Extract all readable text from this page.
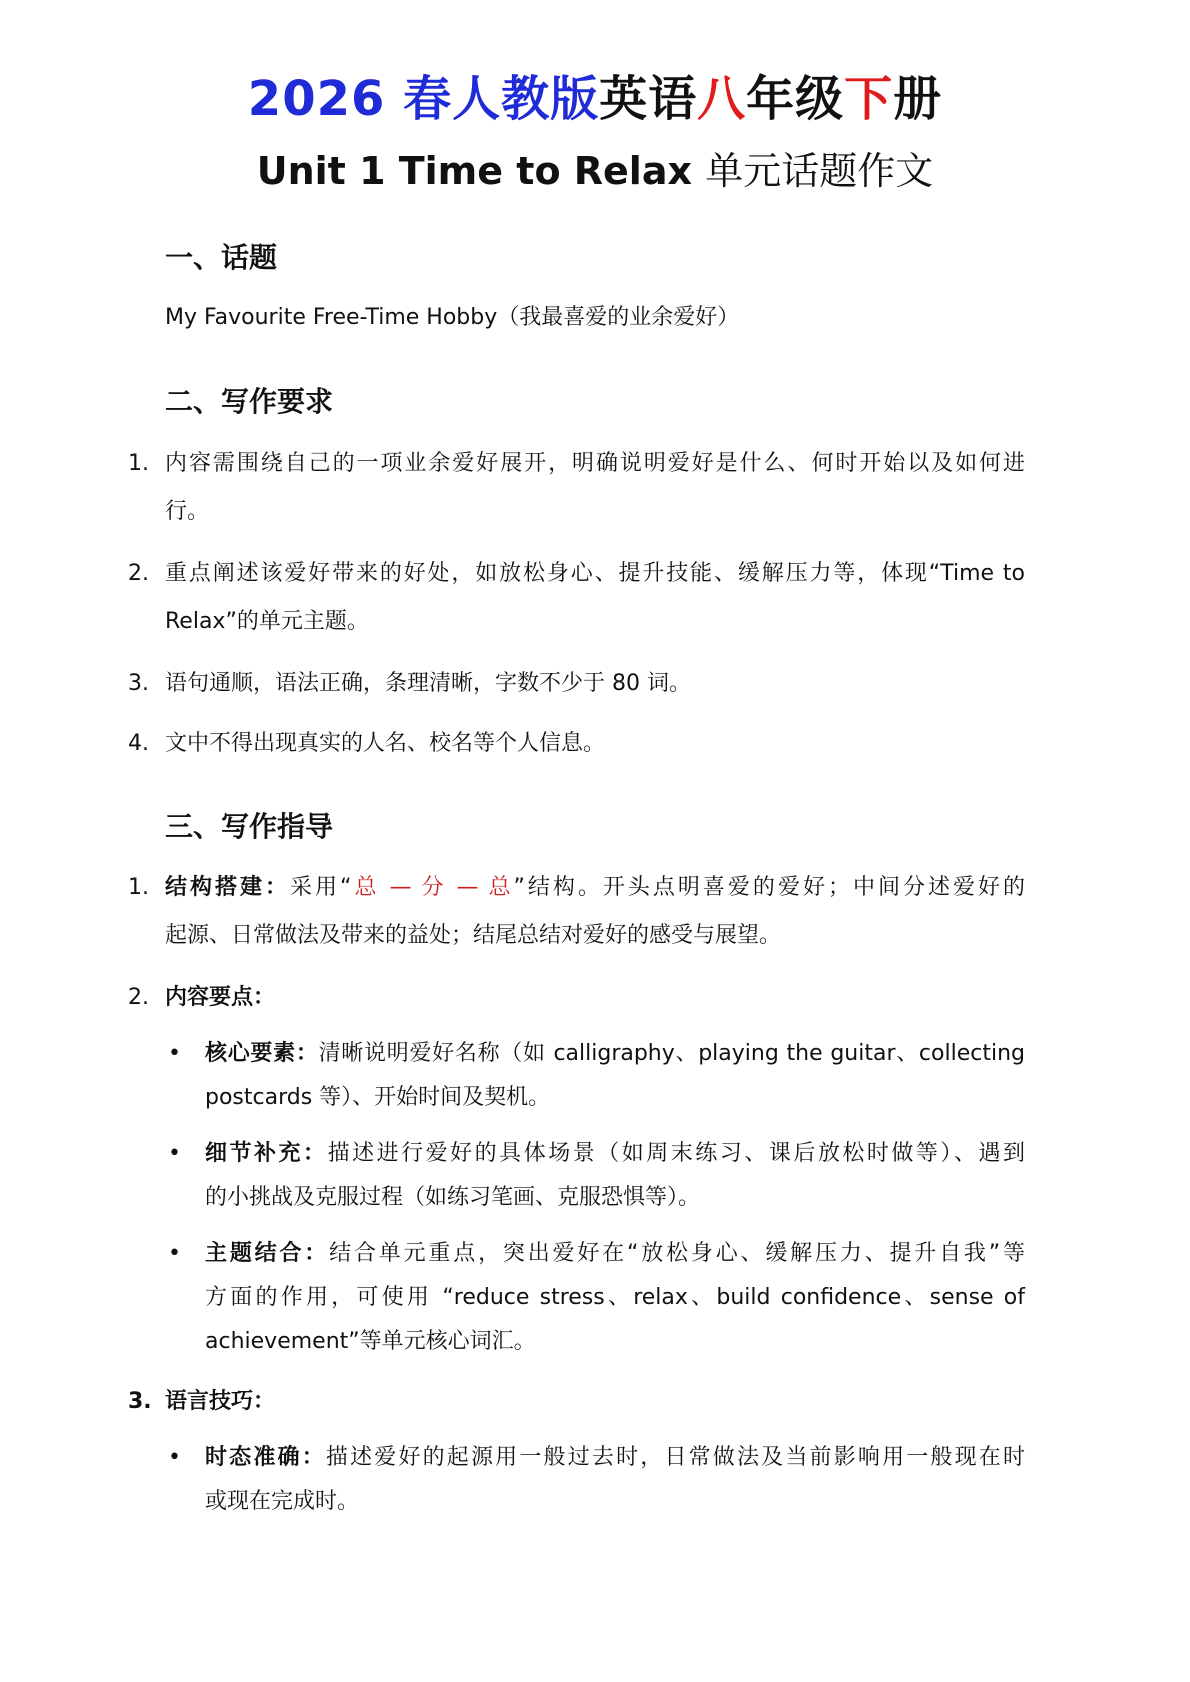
2026 春人教版英语八年级下册
Unit 1 Time to Relax 单元话题作文
一、话题
My Favourite Free-Time Hobby（我最喜爱的业余爱好）
二、写作要求
1. 内容需围绕自己的一项业余爱好展开，明确说明爱好是什么、何时开始以及如何进
行。
2. 重点阐述该爱好带来的好处，如放松身心、提升技能、缓解压力等，体现“Time to
Relax”的单元主题。
3. 语句通顺，语法正确，条理清晰，字数不少于 80 词。
4. 文中不得出现真实的人名、校名等个人信息。
三、写作指导
1. 结构搭建：采用“总 — 分 — 总”结构。开头点明喜爱的爱好；中间分述爱好的
起源、日常做法及带来的益处；结尾总结对爱好的感受与展望。
2. 内容要点：
• 核心要素：清晰说明爱好名称（如 calligraphy、playing the guitar、collecting
postcards 等）、开始时间及契机。
• 细节补充：描述进行爱好的具体场景（如周末练习、课后放松时做等）、遇到
的小挑战及克服过程（如练习笔画、克服恐惧等）。
• 主题结合：结合单元重点，突出爱好在“放松身心、缓解压力、提升自我”等
方面的作用，可使用 “reduce stress、relax、build confidence、sense of
achievement”等单元核心词汇。
3. 语言技巧：
• 时态准确：描述爱好的起源用一般过去时，日常做法及当前影响用一般现在时
或现在完成时。
